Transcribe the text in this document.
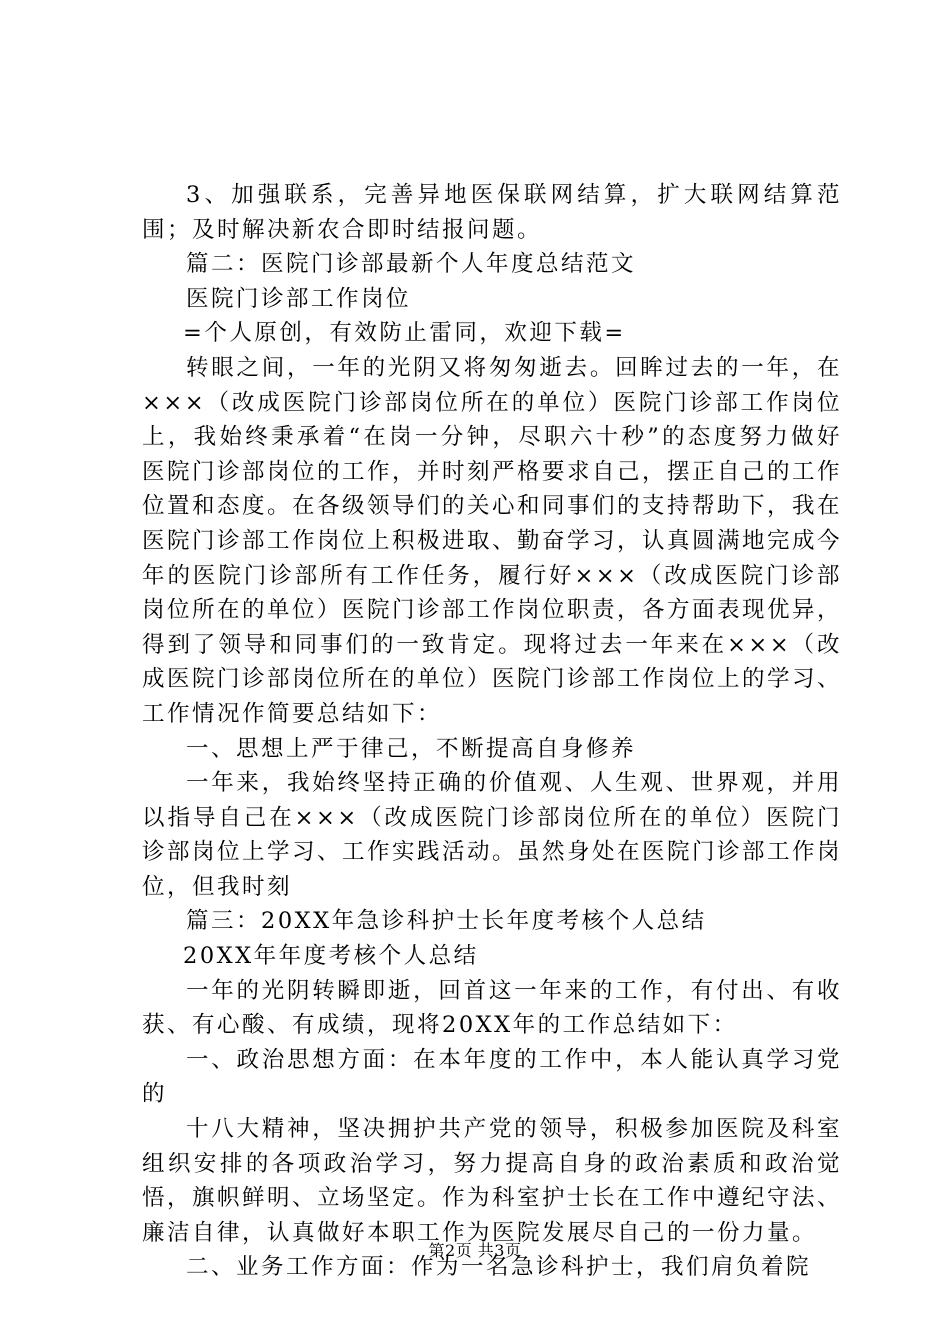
3、加强联系，完善异地医保联网结算，扩大联网结算范围；及时解决新农合即时结报问题。

篇二：医院门诊部最新个人年度总结范文

医院门诊部工作岗位

=个人原创，有效防止雷同，欢迎下载=

转眼之间，一年的光阴又将匆匆逝去。回眸过去的一年，在×××（改成医院门诊部岗位所在的单位）医院门诊部工作岗位上，我始终秉承着“在岗一分钟，尽职六十秒”的态度努力做好医院门诊部岗位的工作，并时刻严格要求自己，摆正自己的工作位置和态度。在各级领导们的关心和同事们的支持帮助下，我在医院门诊部工作岗位上积极进取、勤奋学习，认真圆满地完成今年的医院门诊部所有工作任务，履行好×××（改成医院门诊部岗位所在的单位）医院门诊部工作岗位职责，各方面表现优异，得到了领导和同事们的一致肯定。现将过去一年来在×××（改成医院门诊部岗位所在的单位）医院门诊部工作岗位上的学习、工作情况作简要总结如下：

一、思想上严于律己，不断提高自身修养

一年来，我始终坚持正确的价值观、人生观、世界观，并用以指导自己在×××（改成医院门诊部岗位所在的单位）医院门诊部岗位上学习、工作实践活动。虽然身处在医院门诊部工作岗位，但我时刻

篇三：20XX年急诊科护士长年度考核个人总结

20XX年年度考核个人总结

一年的光阴转瞬即逝，回首这一年来的工作，有付出、有收获、有心酸、有成绩，现将20XX年的工作总结如下：

一、政治思想方面：在本年度的工作中，本人能认真学习党的

十八大精神，坚决拥护共产党的领导，积极参加医院及科室组织安排的各项政治学习，努力提高自身的政治素质和政治觉悟，旗帜鲜明、立场坚定。作为科室护士长在工作中遵纪守法、廉洁自律，认真做好本职工作为医院发展尽自己的一份力量。

二、业务工作方面：作为一名急诊科护士，我们肩负着院

第2页 共3页
